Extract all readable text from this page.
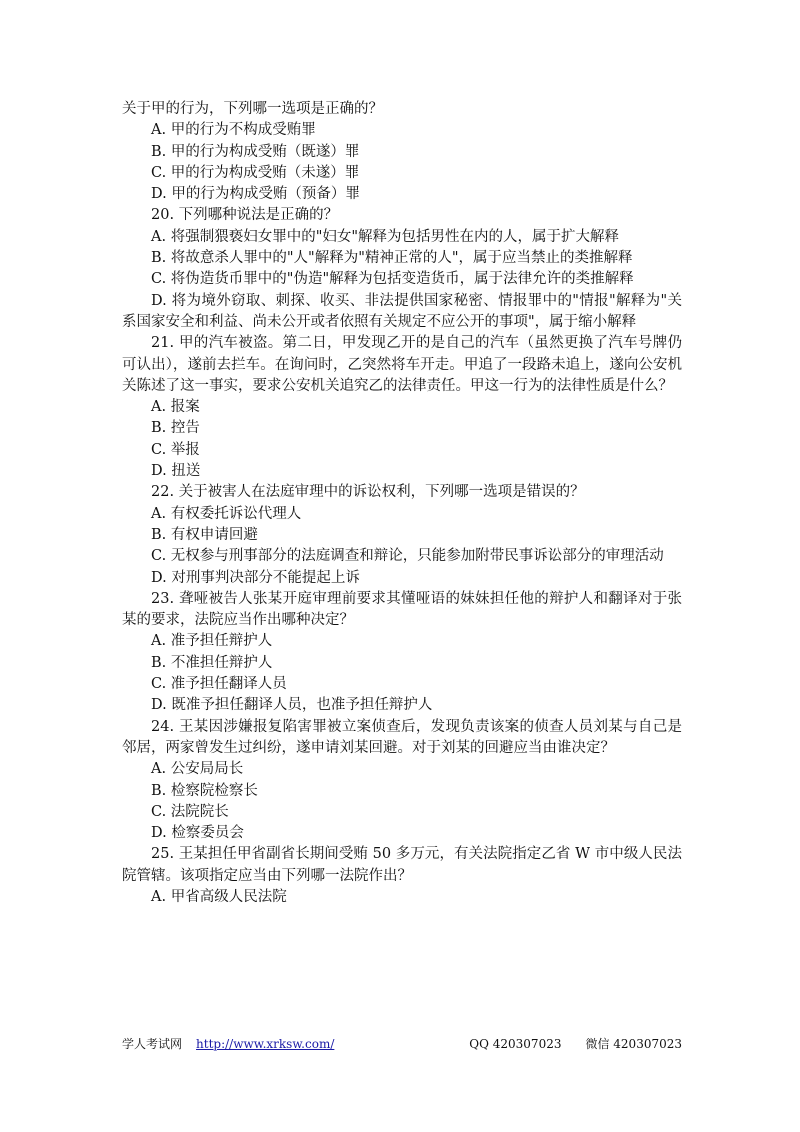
关于甲的行为，下列哪一选项是正确的？
A. 甲的行为不构成受贿罪
B. 甲的行为构成受贿（既遂）罪
C. 甲的行为构成受贿（未遂）罪
D. 甲的行为构成受贿（预备）罪
20. 下列哪种说法是正确的？
A. 将强制猥亵妇女罪中的"妇女"解释为包括男性在内的人，属于扩大解释
B. 将故意杀人罪中的"人"解释为"精神正常的人"，属于应当禁止的类推解释
C. 将伪造货币罪中的"伪造"解释为包括变造货币，属于法律允许的类推解释
D. 将为境外窃取、刺探、收买、非法提供国家秘密、情报罪中的"情报"解释为"关系国家安全和利益、尚未公开或者依照有关规定不应公开的事项"，属于缩小解释
21. 甲的汽车被盗。第二日，甲发现乙开的是自己的汽车（虽然更换了汽车号牌仍可认出），遂前去拦车。在询问时，乙突然将车开走。甲追了一段路未追上，遂向公安机关陈述了这一事实，要求公安机关追究乙的法律责任。甲这一行为的法律性质是什么？
A. 报案
B. 控告
C. 举报
D. 扭送
22. 关于被害人在法庭审理中的诉讼权利，下列哪一选项是错误的？
A. 有权委托诉讼代理人
B. 有权申请回避
C. 无权参与刑事部分的法庭调查和辩论，只能参加附带民事诉讼部分的审理活动
D. 对刑事判决部分不能提起上诉
23. 聋哑被告人张某开庭审理前要求其懂哑语的妹妹担任他的辩护人和翻译对于张某的要求，法院应当作出哪种决定？
A. 准予担任辩护人
B. 不准担任辩护人
C. 准予担任翻译人员
D. 既准予担任翻译人员，也准予担任辩护人
24. 王某因涉嫌报复陷害罪被立案侦查后，发现负责该案的侦查人员刘某与自己是邻居，两家曾发生过纠纷，遂申请刘某回避。对于刘某的回避应当由谁决定？
A. 公安局局长
B. 检察院检察长
C. 法院院长
D. 检察委员会
25. 王某担任甲省副省长期间受贿 50 多万元，有关法院指定乙省 W 市中级人民法院管辖。该项指定应当由下列哪一法院作出？
A. 甲省高级人民法院
学人考试网 http://www.xrksw.com/	QQ 420307023 微信 420307023
